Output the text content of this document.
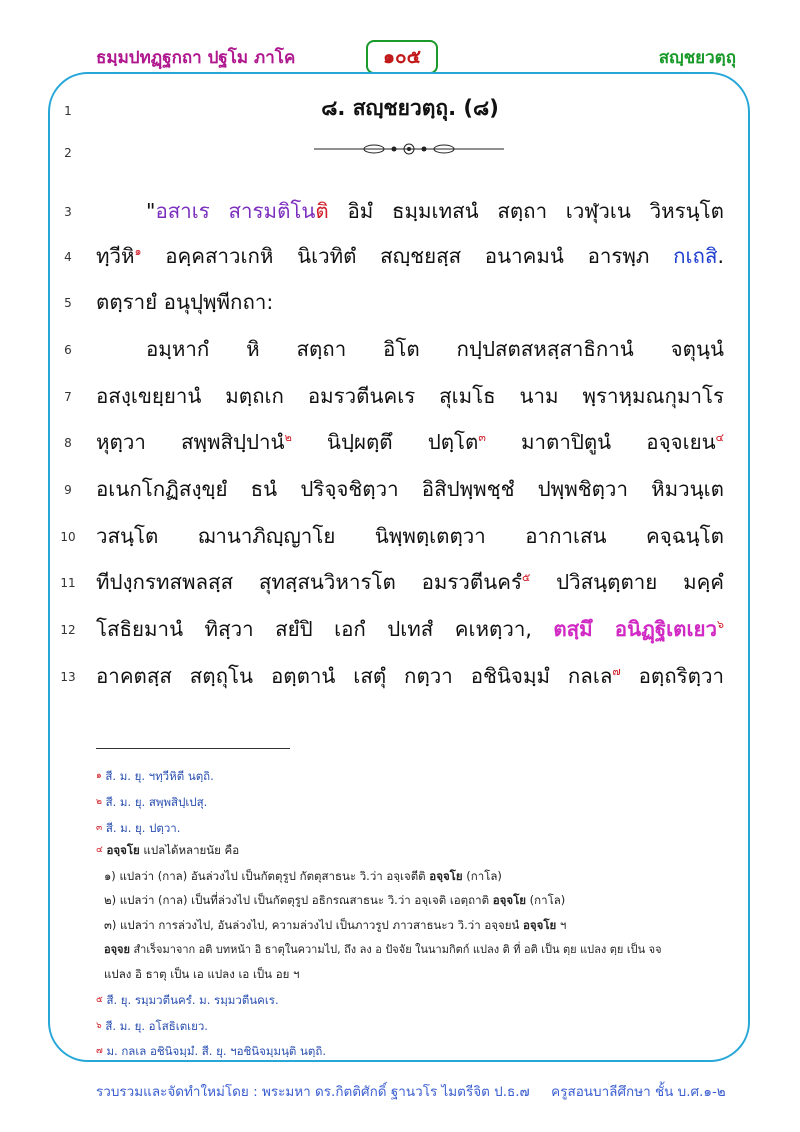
ธมฺมปทฏฺฐกถา ปฐโม ภาโค	๑๐๕	สญฺชยวตฺถุ
1
2
3
4
5
6
7
8
9
10
11
12
13
๘. สญฺชยวตฺถุ. (๘)
"อสาเร สารมติโนติ อิมํ ธมฺมเทสนํ สตฺถา เวฬุวเน วิหรนฺโต
ทฺวีหิ$^๑$ อคฺคสาวเกหิ นิเวทิตํ สญฺชยสฺส อนาคมนํ อารพฺภ กเถสิ.
ตตฺรายํ อนุปุพฺพีกถา:
อมฺหากํ หิ สตฺถา อิโต กปฺปสตสหสฺสาธิกานํ จตุนฺนํ
อสงฺเขยฺยานํ มตฺถเก อมรวตีนคเร สุเมโธ นาม พฺราหฺมณกุมาโร
หุตฺวา สพฺพสิปฺปานํ$^๒$ นิปฺผตฺตึ ปตฺโต$^๓$ มาตาปิตูนํ อจฺจเยน$^๔$
อเนกโกฏิสงฺขฺยํ ธนํ ปริจฺจชิตฺวา อิสิปพฺพชฺชํ ปพฺพชิตฺวา หิมวนฺเต
วสนฺโต ฌานาภิญฺญาโย นิพฺพตฺเตตฺวา อากาเสน คจฺฉนฺโต
ทีปงฺกรทสพลสฺส สุทสฺสนวิหารโต อมรวตีนครํ$^๕$ ปวิสนฺตฺตาย มคฺคํ
โสธิยมานํ ทิสฺวา สยํปิ เอกํ ปเทสํ คเหตฺวา, ตสฺมึ อนิฏฺฐิเตเยว$^๖$
อาคตสฺส สตฺถุโน อตฺตานํ เสตุํ กตฺวา อชินิจมฺมํ กลเล$^๗$ อตฺถริตฺวา
$^๑$ สี. ม. ยุ. ฯทฺวีหิตี นตฺถิ.
$^๒$ สี. ม. ยุ. สพฺพสิปฺเปสุ.
$^๓$ สี. ม. ยุ. ปตฺวา.
$^๔$ อจฺจโย แปลได้หลายนัย คือ
๑) แปลว่า (กาล) อันล่วงไป เป็นกัตตุรูป กัตตุสาธนะ วิ.ว่า อจฺเจตีติ อจฺจโย (กาโล)
๒) แปลว่า (กาล) เป็นที่ล่วงไป เป็นกัตตุรูป อธิกรณสาธนะ วิ.ว่า อจฺเจติ เอตฺถาติ อจฺจโย (กาโล)
๓) แปลว่า การล่วงไป, อันล่วงไป, ความล่วงไป เป็นภาวรูป ภาวสาธนะว วิ.ว่า อจฺจยนํ อจฺจโย ฯ
อจฺจย สำเร็จมาจาก อติ บทหน้า อิ ธาตุในความไป, ถึง ลง อ ปัจจัย ในนามกิตก์ แปลง ติ ที่ อติ เป็น ตฺย แปลง ตฺย เป็น จจ
แปลง อิ ธาตุ เป็น เอ แปลง เอ เป็น อย ฯ
$^๕$ สี. ยุ. รมฺมวตีนครํ. ม. รมฺมวตีนคเร.
$^๖$ สี. ม. ยุ. อโสธิเตเยว.
$^๗$ ม. กลเล อชินิจมฺมํ. สี. ยุ. ฯอชินิจมฺมนฺติ นตฺถิ.
รวบรวมและจัดทำใหม่โดย : พระมหา ดร.กิตติศักดิ์ ฐานวโร ไมตรีจิต ป.ธ.๗ ครูสอนบาลีศึกษา ชั้น บ.ศ.๑-๒
